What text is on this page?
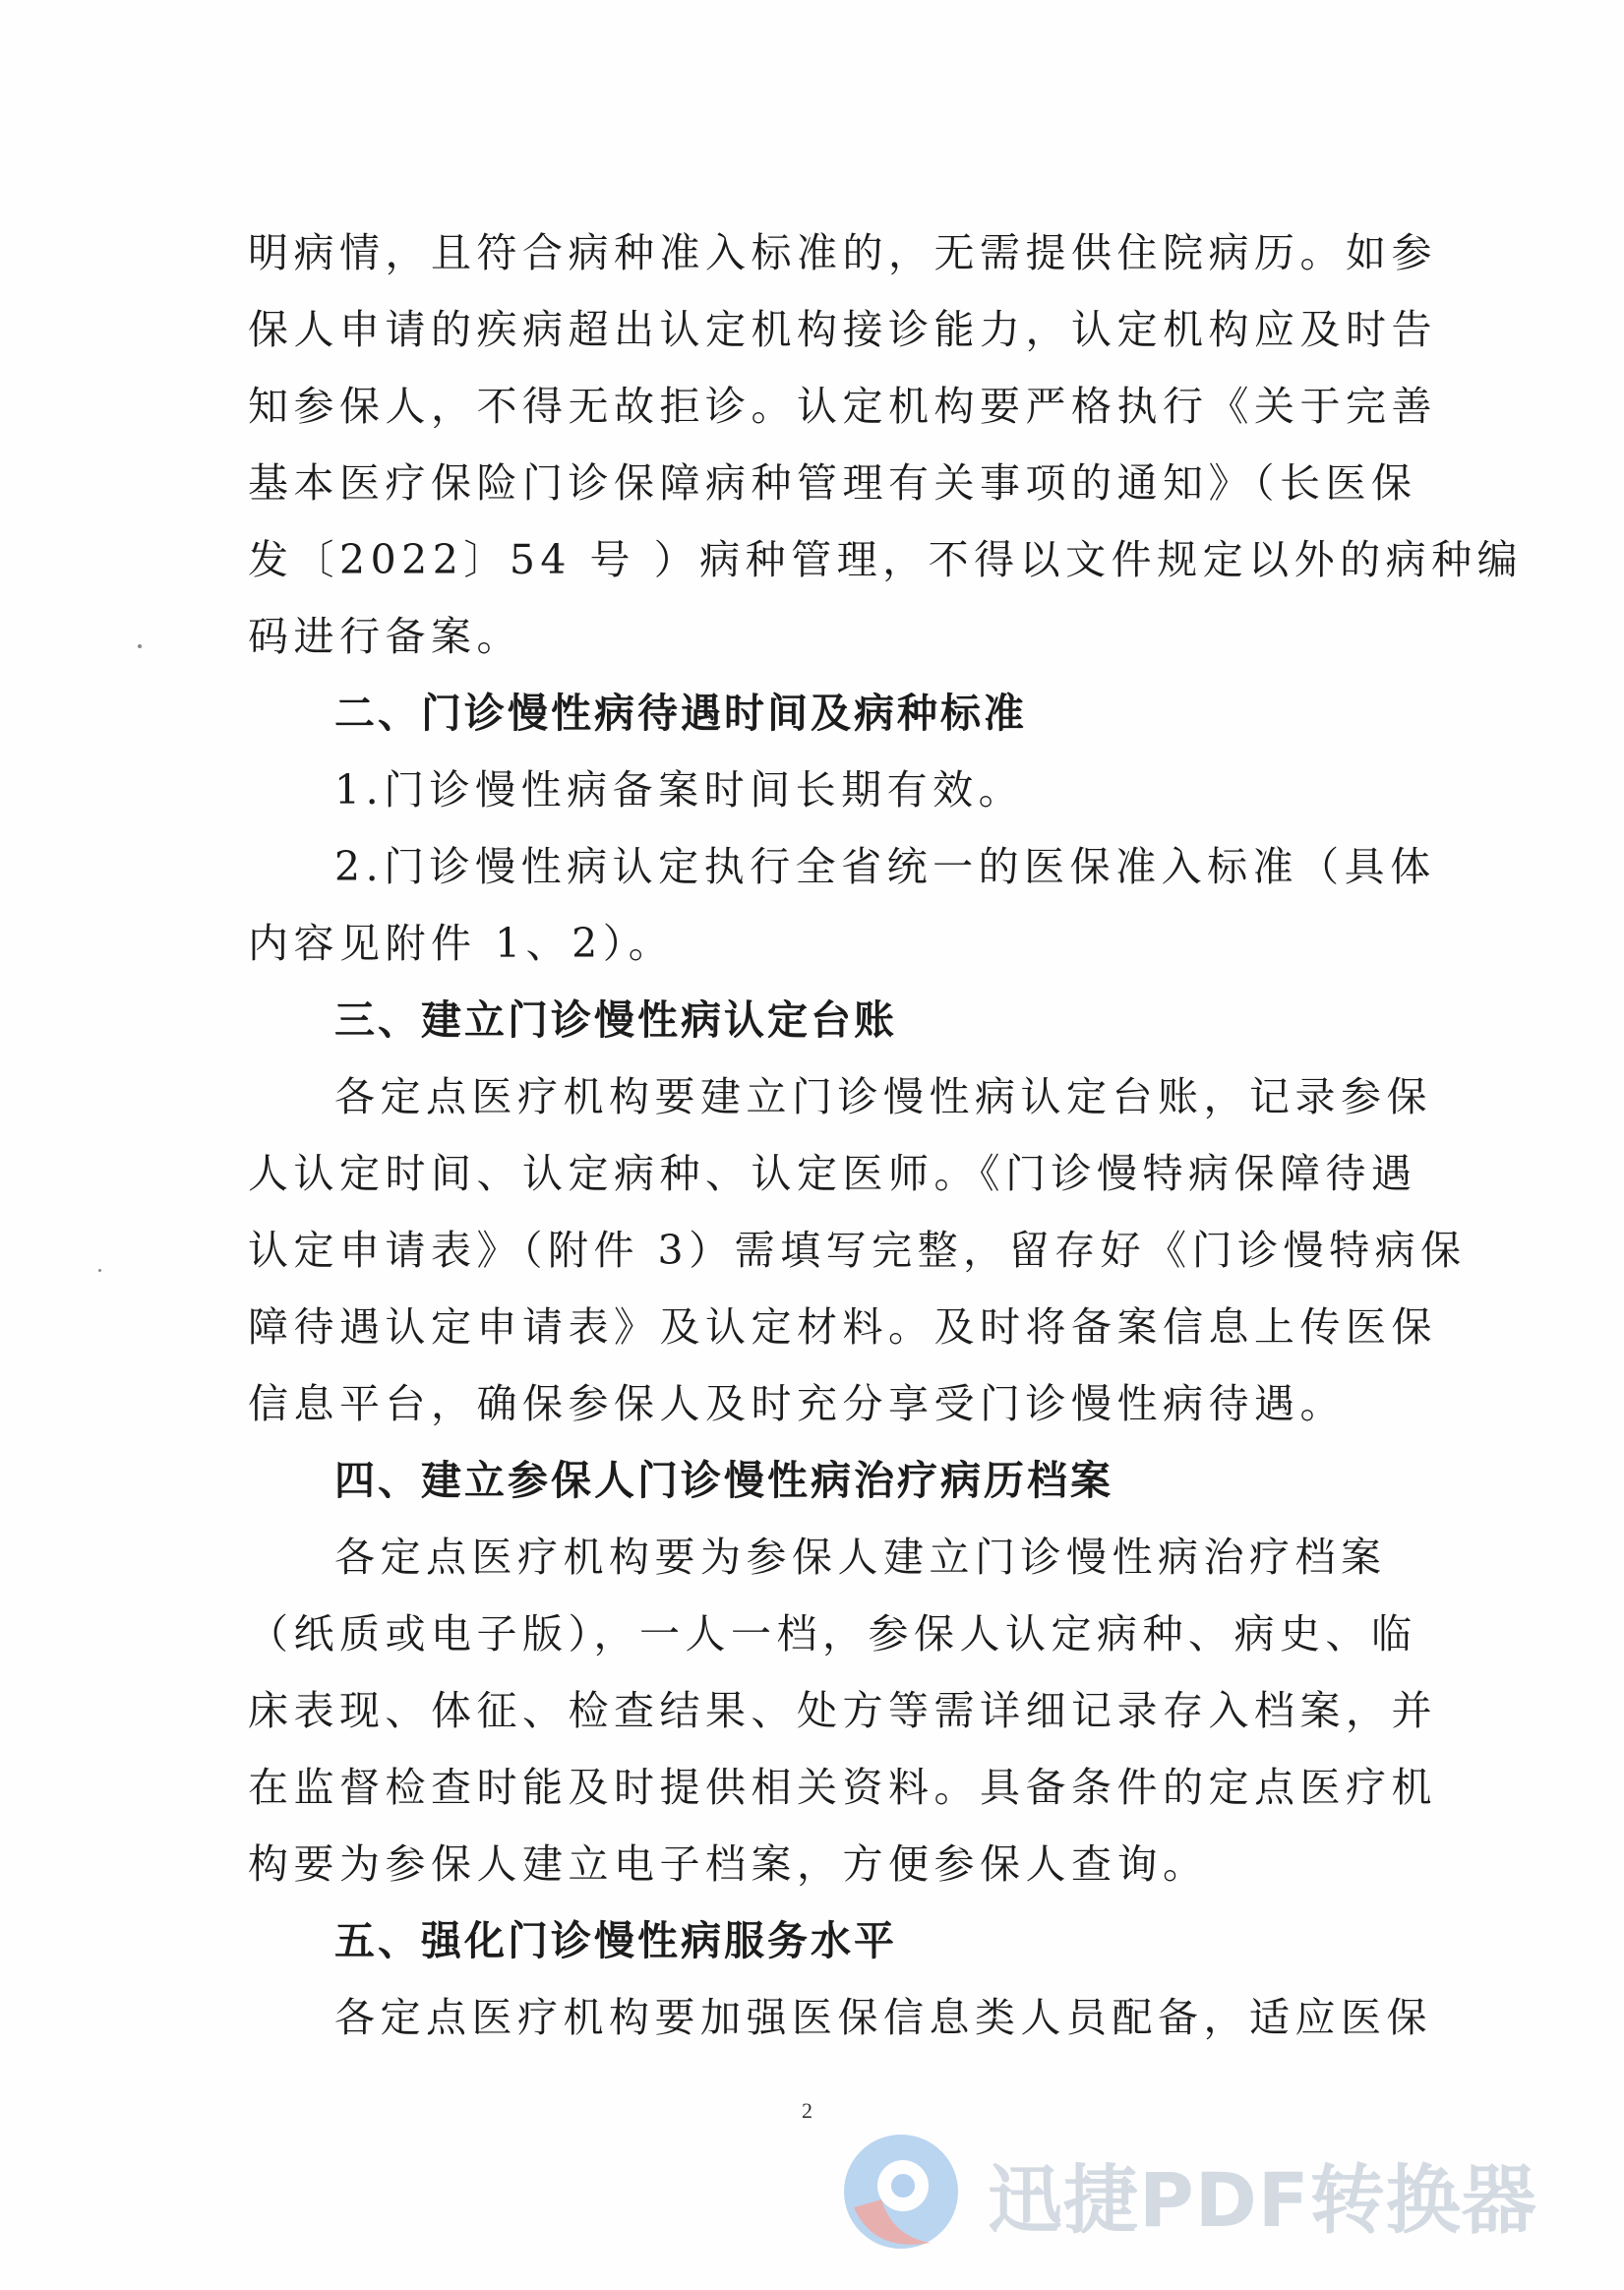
明病情，且符合病种准入标准的，无需提供住院病历。如参
保人申请的疾病超出认定机构接诊能力，认定机构应及时告
知参保人，不得无故拒诊。认定机构要严格执行《关于完善
基本医疗保险门诊保障病种管理有关事项的通知》（长医保
发〔2022〕54 号 ）病种管理，不得以文件规定以外的病种编
码进行备案。
二、门诊慢性病待遇时间及病种标准
1.门诊慢性病备案时间长期有效。
2.门诊慢性病认定执行全省统一的医保准入标准（具体
内容见附件 1、2）。
三、建立门诊慢性病认定台账
各定点医疗机构要建立门诊慢性病认定台账，记录参保
人认定时间、认定病种、认定医师。《门诊慢特病保障待遇
认定申请表》（附件 3）需填写完整，留存好《门诊慢特病保
障待遇认定申请表》及认定材料。及时将备案信息上传医保
信息平台，确保参保人及时充分享受门诊慢性病待遇。
四、建立参保人门诊慢性病治疗病历档案
各定点医疗机构要为参保人建立门诊慢性病治疗档案
（纸质或电子版），一人一档，参保人认定病种、病史、临
床表现、体征、检查结果、处方等需详细记录存入档案，并
在监督检查时能及时提供相关资料。具备条件的定点医疗机
构要为参保人建立电子档案，方便参保人查询。
五、强化门诊慢性病服务水平
各定点医疗机构要加强医保信息类人员配备，适应医保
2
迅捷PDF转换器
